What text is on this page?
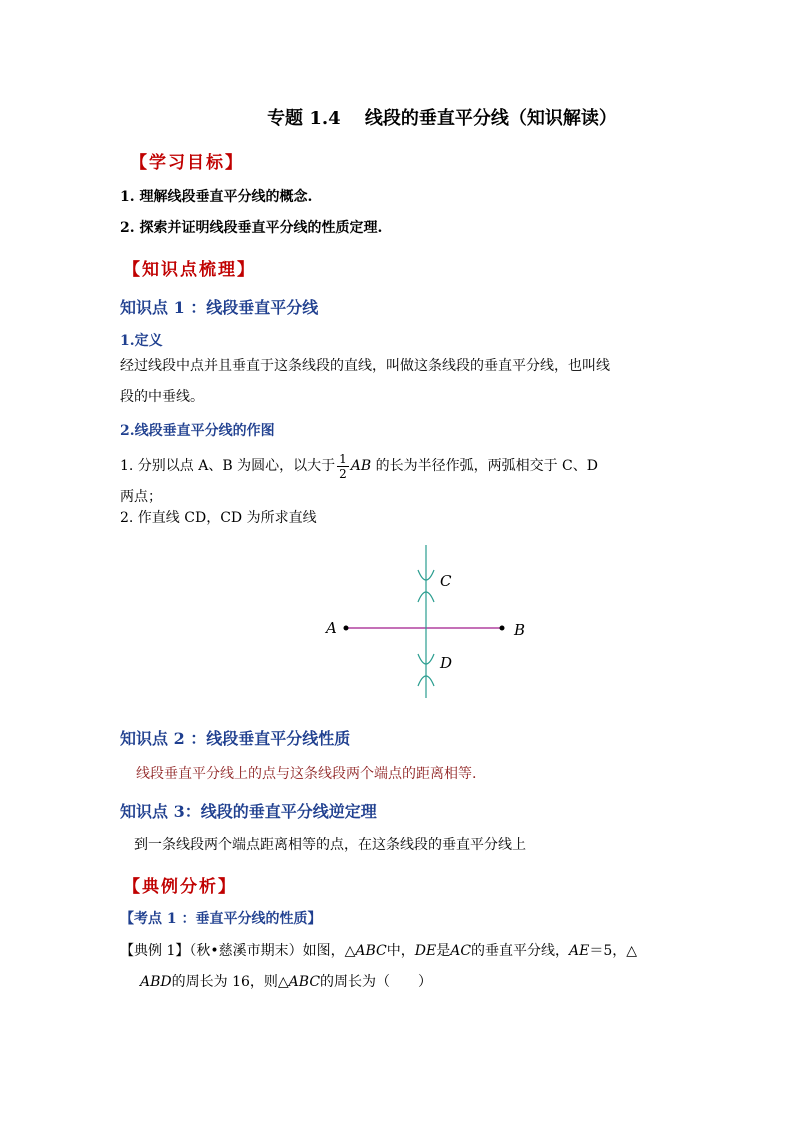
专题 1.4　 线段的垂直平分线（知识解读）
【学习目标】
1. 理解线段垂直平分线的概念.
2. 探索并证明线段垂直平分线的性质定理.
【知识点梳理】
知识点 1 ：线段垂直平分线
1.定义
经过线段中点并且垂直于这条线段的直线，叫做这条线段的垂直平分线，也叫线
段的中垂线。
2.线段垂直平分线的作图
1. 分别以点 A、B 为圆心，以大于 $\frac{1}{2}$ AB 的长为半径作弧，两弧相交于 C、D
两点；
2. 作直线 CD，CD 为所求直线
A	B
C
D
知识点 2 ：线段垂直平分线性质
线段垂直平分线上的点与这条线段两个端点的距离相等.
知识点 3：线段的垂直平分线逆定理
到一条线段两个端点距离相等的点，在这条线段的垂直平分线上
【典例分析】
【考点 1 ：垂直平分线的性质】
【典例 1】（秋•慈溪市期末）如图，△ABC中，DE是AC的垂直平分线，AE＝5，△
ABD的周长为 16，则△ABC的周长为（　　）
